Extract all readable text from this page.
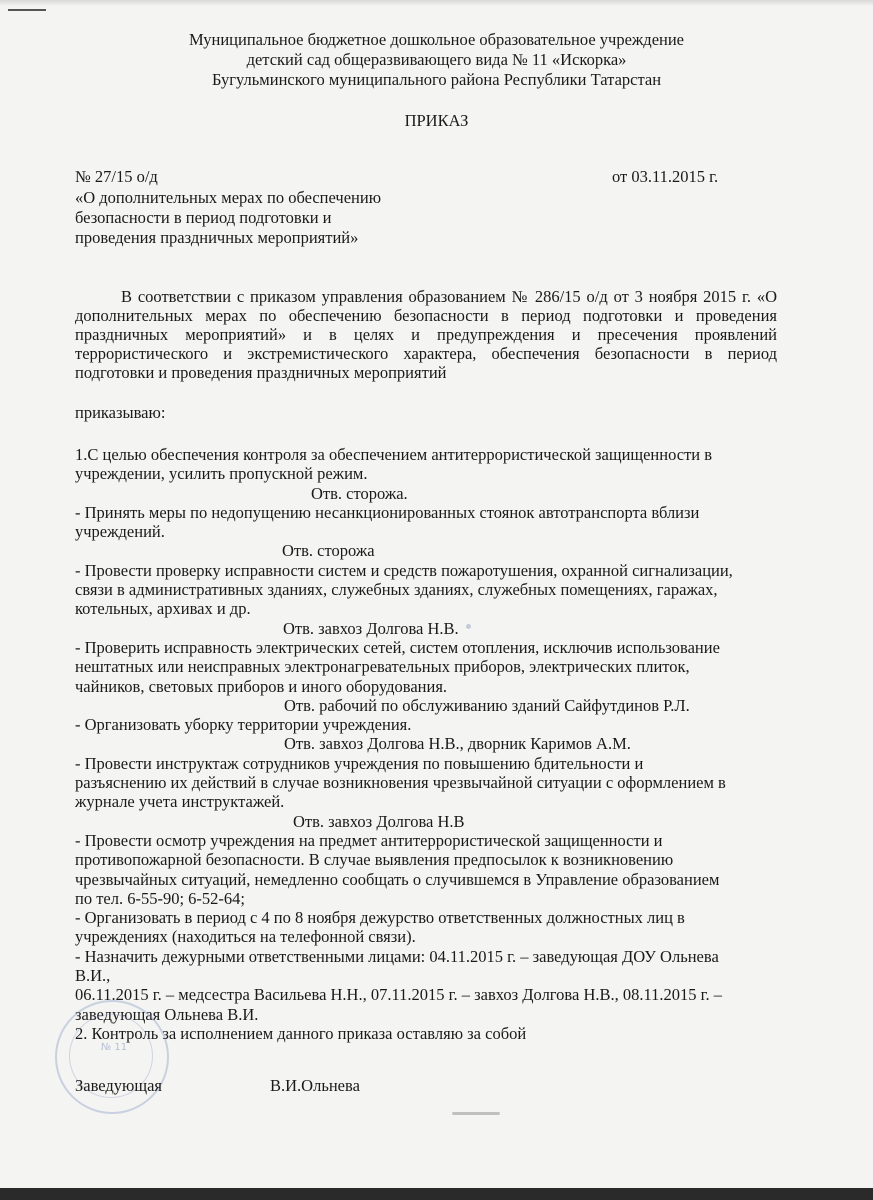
Муниципальное бюджетное дошкольное образовательное учреждение
детский сад общеразвивающего вида № 11 «Искорка»
Бугульминского муниципального района Республики Татарстан
ПРИКАЗ
№ 27/15 о/д	от 03.11.2015 г.
«О дополнительных мерах по обеспечению
безопасности в период подготовки и
проведения праздничных мероприятий»
В соответствии с приказом управления образованием № 286/15 о/д от 3 ноября 2015 г. «О
дополнительных мерах по обеспечению безопасности в период подготовки и проведения
праздничных мероприятий» и в целях и предупреждения и пресечения проявлений
террористического и экстремистического характера, обеспечения безопасности в период
подготовки и проведения праздничных мероприятий
приказываю:
1.С целью обеспечения контроля за обеспечением антитеррористической защищенности в
учреждении, усилить пропускной режим.
Отв. сторожа.
- Принять меры по недопущению несанкционированных стоянок автотранспорта вблизи
учреждений.
Отв. сторожа
- Провести проверку исправности систем и средств пожаротушения, охранной сигнализации,
связи в административных зданиях, служебных зданиях, служебных помещениях, гаражах,
котельных, архивах и др.
Отв. завхоз Долгова Н.В.
- Проверить исправность электрических сетей, систем отопления, исключив использование
нештатных или неисправных электронагревательных приборов, электрических плиток,
чайников, световых приборов и иного оборудования.
Отв. рабочий по обслуживанию зданий Сайфутдинов Р.Л.
- Организовать уборку территории учреждения.
Отв. завхоз Долгова Н.В., дворник Каримов А.М.
- Провести инструктаж сотрудников учреждения по повышению бдительности и
разъяснению их действий в случае возникновения чрезвычайной ситуации с оформлением в
журнале учета инструктажей.
Отв. завхоз Долгова Н.В
- Провести осмотр учреждения на предмет антитеррористической защищенности и
противопожарной безопасности. В случае выявления предпосылок к возникновению
чрезвычайных ситуаций, немедленно сообщать о случившемся в Управление образованием
по тел. 6-55-90; 6-52-64;
- Организовать в период с 4 по 8 ноября дежурство ответственных должностных лиц в
учреждениях (находиться на телефонной связи).
- Назначить дежурными ответственными лицами: 04.11.2015 г. – заведующая ДОУ Ольнева
В.И.,
06.11.2015 г. – медсестра Васильева Н.Н., 07.11.2015 г. – завхоз Долгова Н.В., 08.11.2015 г. –
заведующая Ольнева В.И.
2. Контроль за исполнением данного приказа оставляю за собой
№ 11
Заведующая	В.И.Ольнева
